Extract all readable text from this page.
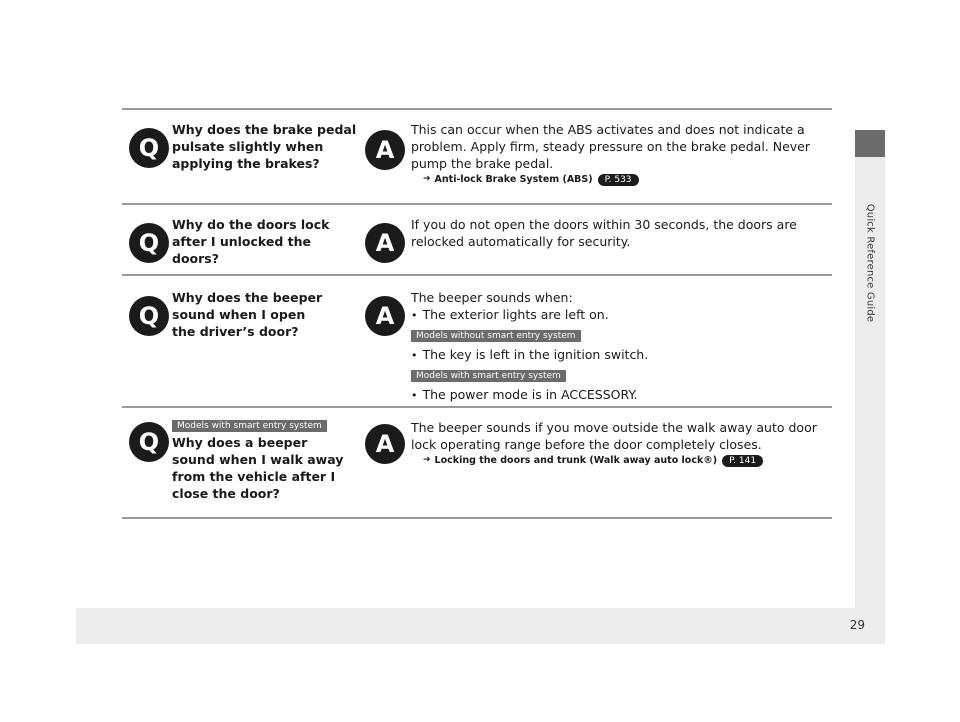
Quick Reference Guide
Q
Why does the brake pedal pulsate slightly when applying the brakes?	A
This can occur when the ABS activates and does not indicate a problem. Apply firm, steady pressure on the brake pedal. Never pump the brake pedal.
➔ Anti-lock Brake System (ABS)	P. 533
Q
Why do the doors lock after I unlocked the doors?
A
If you do not open the doors within 30 seconds, the doors are relocked automatically for security.
Q
Why does the beeper sound when I open the driver’s door?
A
The beeper sounds when:
• The exterior lights are left on.
Models without smart entry system
• The key is left in the ignition switch.
Models with smart entry system
• The power mode is in ACCESSORY.
Models with smart entry system
Q Why does a beeper sound when I walk away from the vehicle after I close the door?
A
The beeper sounds if you move outside the walk away auto door lock operating range before the door completely closes.
➔ Locking the doors and trunk (Walk away auto lock®)	P. 141
29
